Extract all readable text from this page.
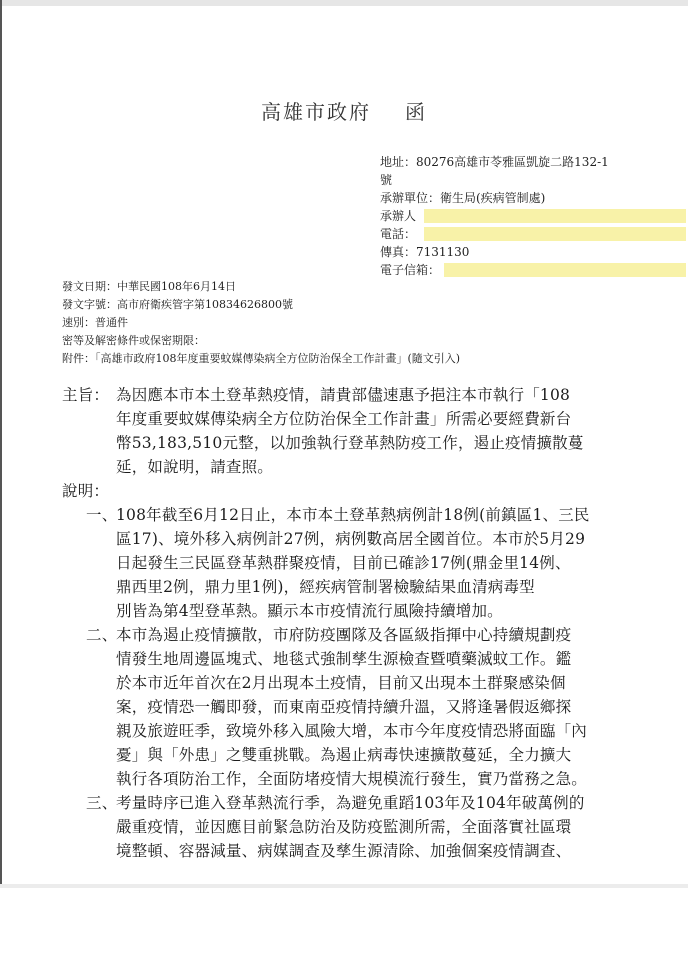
高雄市政府 函
地址：80276高雄市苓雅區凱旋二路132-1
號
承辦單位：衛生局(疾病管制處)
承辦人
電話：
傳真：7131130
電子信箱：
發文日期：中華民國108年6月14日
發文字號：高市府衛疾管字第10834626800號
速別：普通件
密等及解密條件或保密期限：
附件：「高雄市政府108年度重要蚊媒傳染病全方位防治保全工作計畫」(隨文引入)
主旨： 為因應本市本土登革熱疫情，請貴部儘速惠予挹注本市執行「108
年度重要蚊媒傳染病全方位防治保全工作計畫」所需必要經費新台
幣53,183,510元整，以加強執行登革熱防疫工作，遏止疫情擴散蔓
延，如說明，請查照。
說明：
一、
108年截至6月12日止，本市本土登革熱病例計18例(前鎮區1、三民
區17)、境外移入病例計27例，病例數高居全國首位。本市於5月29
日起發生三民區登革熱群聚疫情，目前已確診17例(鼎金里14例、
鼎西里2例，鼎力里1例)，經疾病管制署檢驗結果血清病毒型
別皆為第4型登革熱。顯示本市疫情流行風險持續增加。
二、
本市為遏止疫情擴散，市府防疫團隊及各區級指揮中心持續規劃疫
情發生地周邊區塊式、地毯式強制孳生源檢查暨噴藥滅蚊工作。鑑
於本市近年首次在2月出現本土疫情，目前又出現本土群聚感染個
案，疫情恐一觸即發，而東南亞疫情持續升溫，又將逢暑假返鄉探
親及旅遊旺季，致境外移入風險大增，本市今年度疫情恐將面臨「內
憂」與「外患」之雙重挑戰。為遏止病毒快速擴散蔓延，全力擴大
執行各項防治工作，全面防堵疫情大規模流行發生，實乃當務之急。
三、
考量時序已進入登革熱流行季，為避免重蹈103年及104年破萬例的
嚴重疫情，並因應目前緊急防治及防疫監測所需，全面落實社區環
境整頓、容器減量、病媒調查及孳生源清除、加強個案疫情調查、
